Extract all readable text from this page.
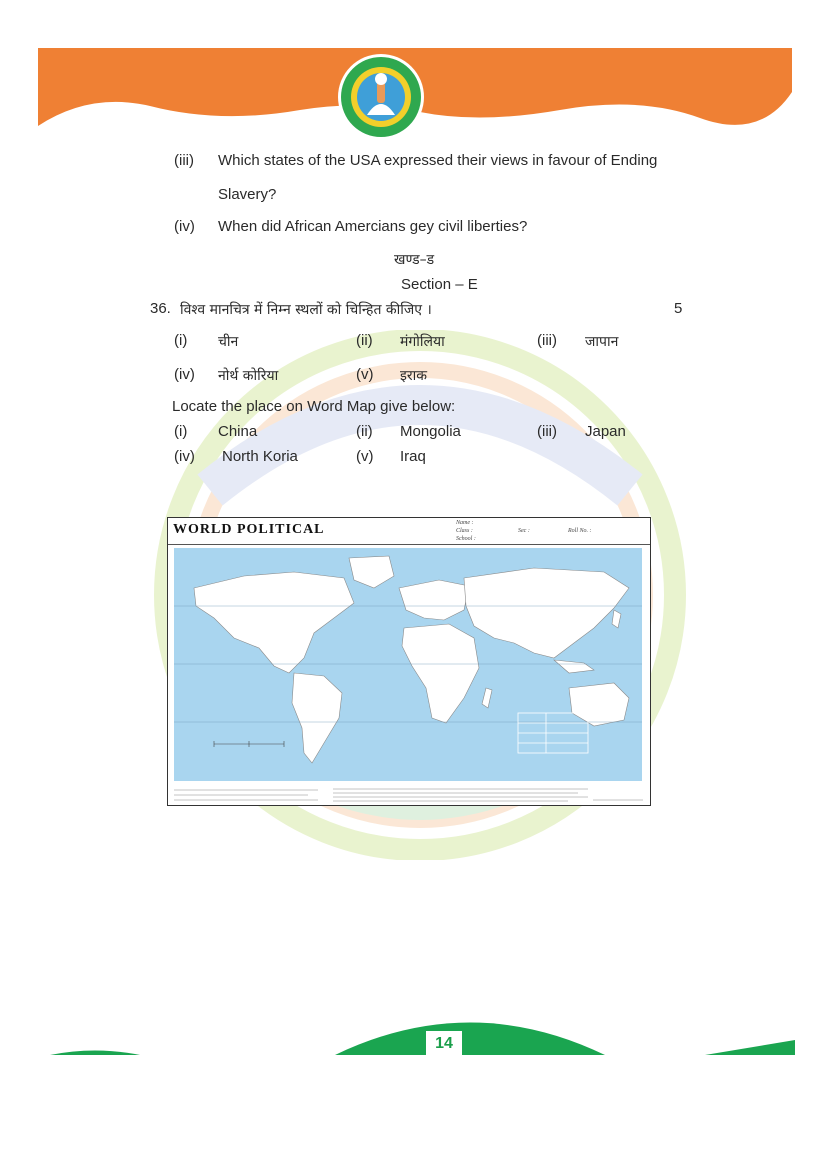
(iii) Which states of the USA expressed their views in favour of Ending
Slavery?
(iv) When did African Amercians gey civil liberties?
खण्ड–ड
Section – E
36. विश्व मानचित्र में निम्न स्थलों को चिन्हित कीजिए ।	5
(i) चीन	(ii) मंगोलिया	(iii) जापान
(iv) नोर्थ कोरिया	(v) इराक
Locate the place on Word Map give below:
(i) China	(ii) Mongolia	(iii) Japan
(iv) North Koria	(v) Iraq
WORLD POLITICAL	Name :
Class :
School :
Sec :	Roll No. :
14
